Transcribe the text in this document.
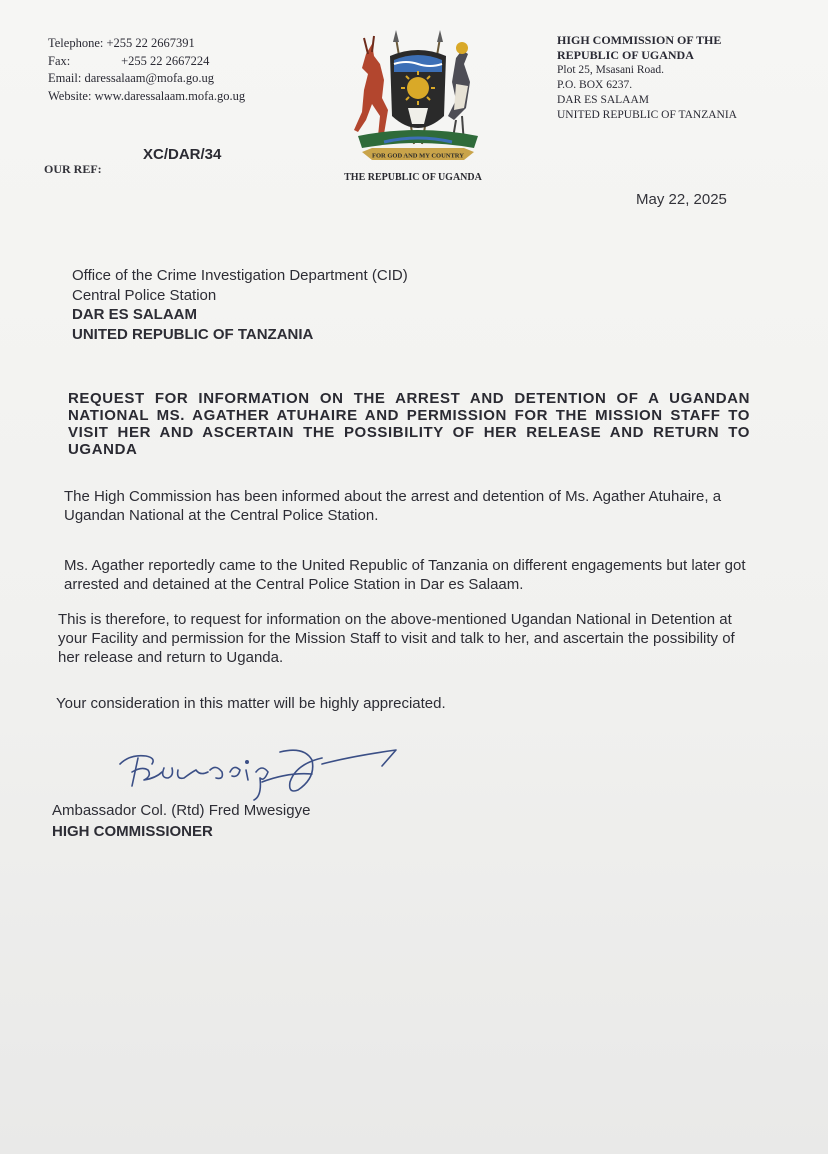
Telephone: +255 22 2667391
Fax:	+255 22 2667224
Email: daressalaam@mofa.go.ug
Website: www.daressalaam.mofa.go.ug
OUR REF:
XC/DAR/34	FOR GOD AND MY COUNTRY
THE REPUBLIC OF UGANDA
HIGH COMMISSION OF THE
REPUBLIC OF UGANDA
Plot 25, Msasani Road.
P.O. BOX 6237.
DAR ES SALAAM
UNITED REPUBLIC OF TANZANIA
May 22, 2025
Office of the Crime Investigation Department (CID)
Central Police Station
DAR ES SALAAM
UNITED REPUBLIC OF TANZANIA
REQUEST FOR INFORMATION ON THE ARREST AND DETENTION OF A UGANDAN NATIONAL MS. AGATHER ATUHAIRE AND PERMISSION FOR THE MISSION STAFF TO VISIT HER AND ASCERTAIN THE POSSIBILITY OF HER RELEASE AND RETURN TO UGANDA
The High Commission has been informed about the arrest and detention of Ms. Agather Atuhaire, a Ugandan National at the Central Police Station.
Ms. Agather reportedly came to the United Republic of Tanzania on different engagements but later got arrested and detained at the Central Police Station in Dar es Salaam.
This is therefore, to request for information on the above-mentioned Ugandan National in Detention at your Facility and permission for the Mission Staff to visit and talk to her, and ascertain the possibility of her release and return to Uganda.
Your consideration in this matter will be highly appreciated.
Ambassador Col. (Rtd) Fred Mwesigye
HIGH COMMISSIONER
